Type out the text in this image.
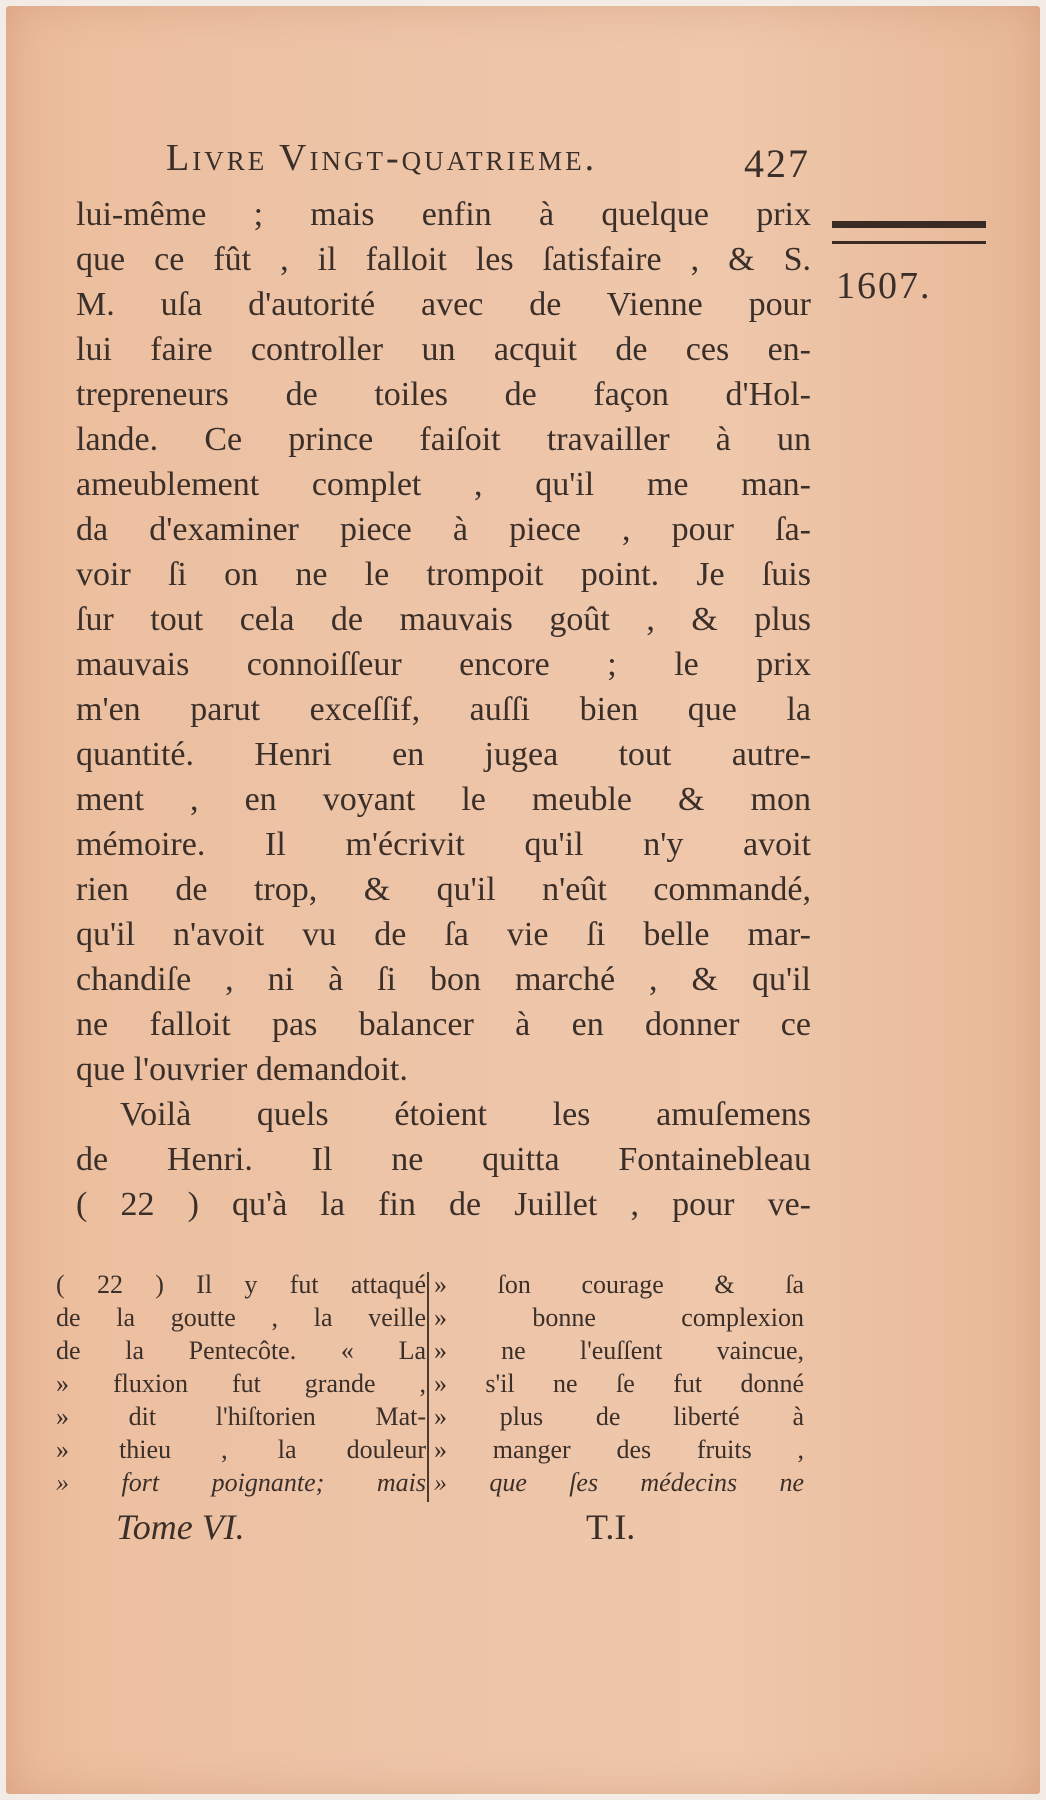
Livre Vingt-quatrieme.	427
1607.
lui-même ; mais enfin à quelque prix
que ce fût , il falloit les ſatisfaire , & S.
M. uſa d'autorité avec de Vienne pour
lui faire controller un acquit de ces en-
trepreneurs de toiles de façon d'Hol-
lande. Ce prince faiſoit travailler à un
ameublement complet , qu'il me man-
da d'examiner piece à piece , pour ſa-
voir ſi on ne le trompoit point. Je ſuis
ſur tout cela de mauvais goût , & plus
mauvais connoiſſeur encore ; le prix
m'en parut exceſſif, auſſi bien que la
quantité. Henri en jugea tout autre-
ment , en voyant le meuble & mon
mémoire. Il m'écrivit qu'il n'y avoit
rien de trop, & qu'il n'eût commandé,
qu'il n'avoit vu de ſa vie ſi belle mar-
chandiſe , ni à ſi bon marché , & qu'il
ne falloit pas balancer à en donner ce
que l'ouvrier demandoit.
Voilà quels étoient les amuſemens
de Henri. Il ne quitta Fontainebleau
( 22 ) qu'à la fin de Juillet , pour ve-
( 22 ) Il y fut attaqué
de la goutte , la veille
de la Pentecôte. « La
» fluxion fut grande ,
» dit l'hiſtorien Mat-
» thieu , la douleur
» fort poignante; mais
» ſon courage & ſa
» bonne complexion
» ne l'euſſent vaincue,
» s'il ne ſe fut donné
» plus de liberté à
» manger des fruits ,
» que ſes médecins ne
Tome VI.	T.I.
